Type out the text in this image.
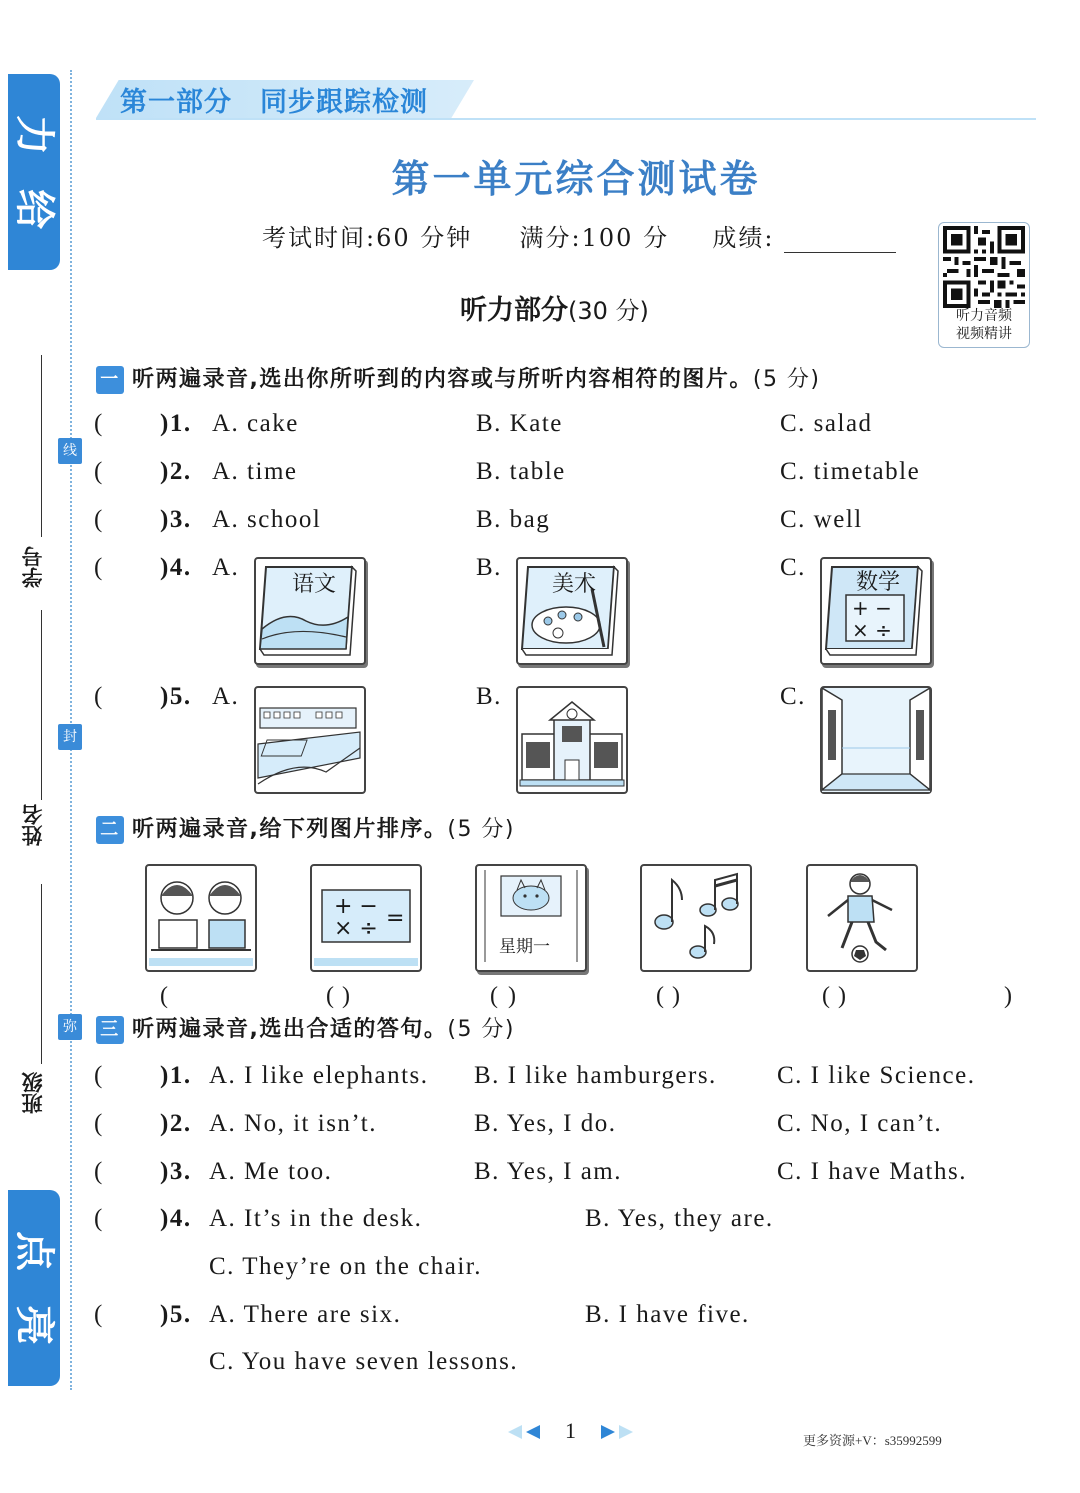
力
给
点
亮
学号
姓名
班级
线
封
弥
第一部分　同步跟踪检测
第一单元综合测试卷
考试时间:60 分钟 满分:100 分 成绩:
听力音频
视频精讲
听力部分(30 分)
一 听两遍录音,选出你所听到的内容或与所听内容相符的图片。(5 分)
( )1. A. cake	B. Kate	C. salad
( )2. A. time	B. table	C. timetable
( )3. A. school	B. bag	C. well
( )4. A.	B.	C.
语文	美术	数学
+ −
× ÷
( )5. A.	B.	C.
二 听两遍录音,给下列图片排序。(5 分)
+ −
× ÷ =
星期一
(　　)
(　　)
(　　)
(　　)
(　　)
三 听两遍录音,选出合适的答句。(5 分)
( )1. A. I like elephants. B. I like hamburgers. C. I like Science.
( )2. A. No, it isn’t.	B. Yes, I do.	C. No, I can’t.
( )3. A. Me too.	B. Yes, I am.	C. I have Maths.
( )4. A. It’s in the desk.	B. Yes, they are.
C. They’re on the chair.
( )5. A. There are six.	B. I have five.
C. You have seven lessons.
1	更多资源+V：s35992599
